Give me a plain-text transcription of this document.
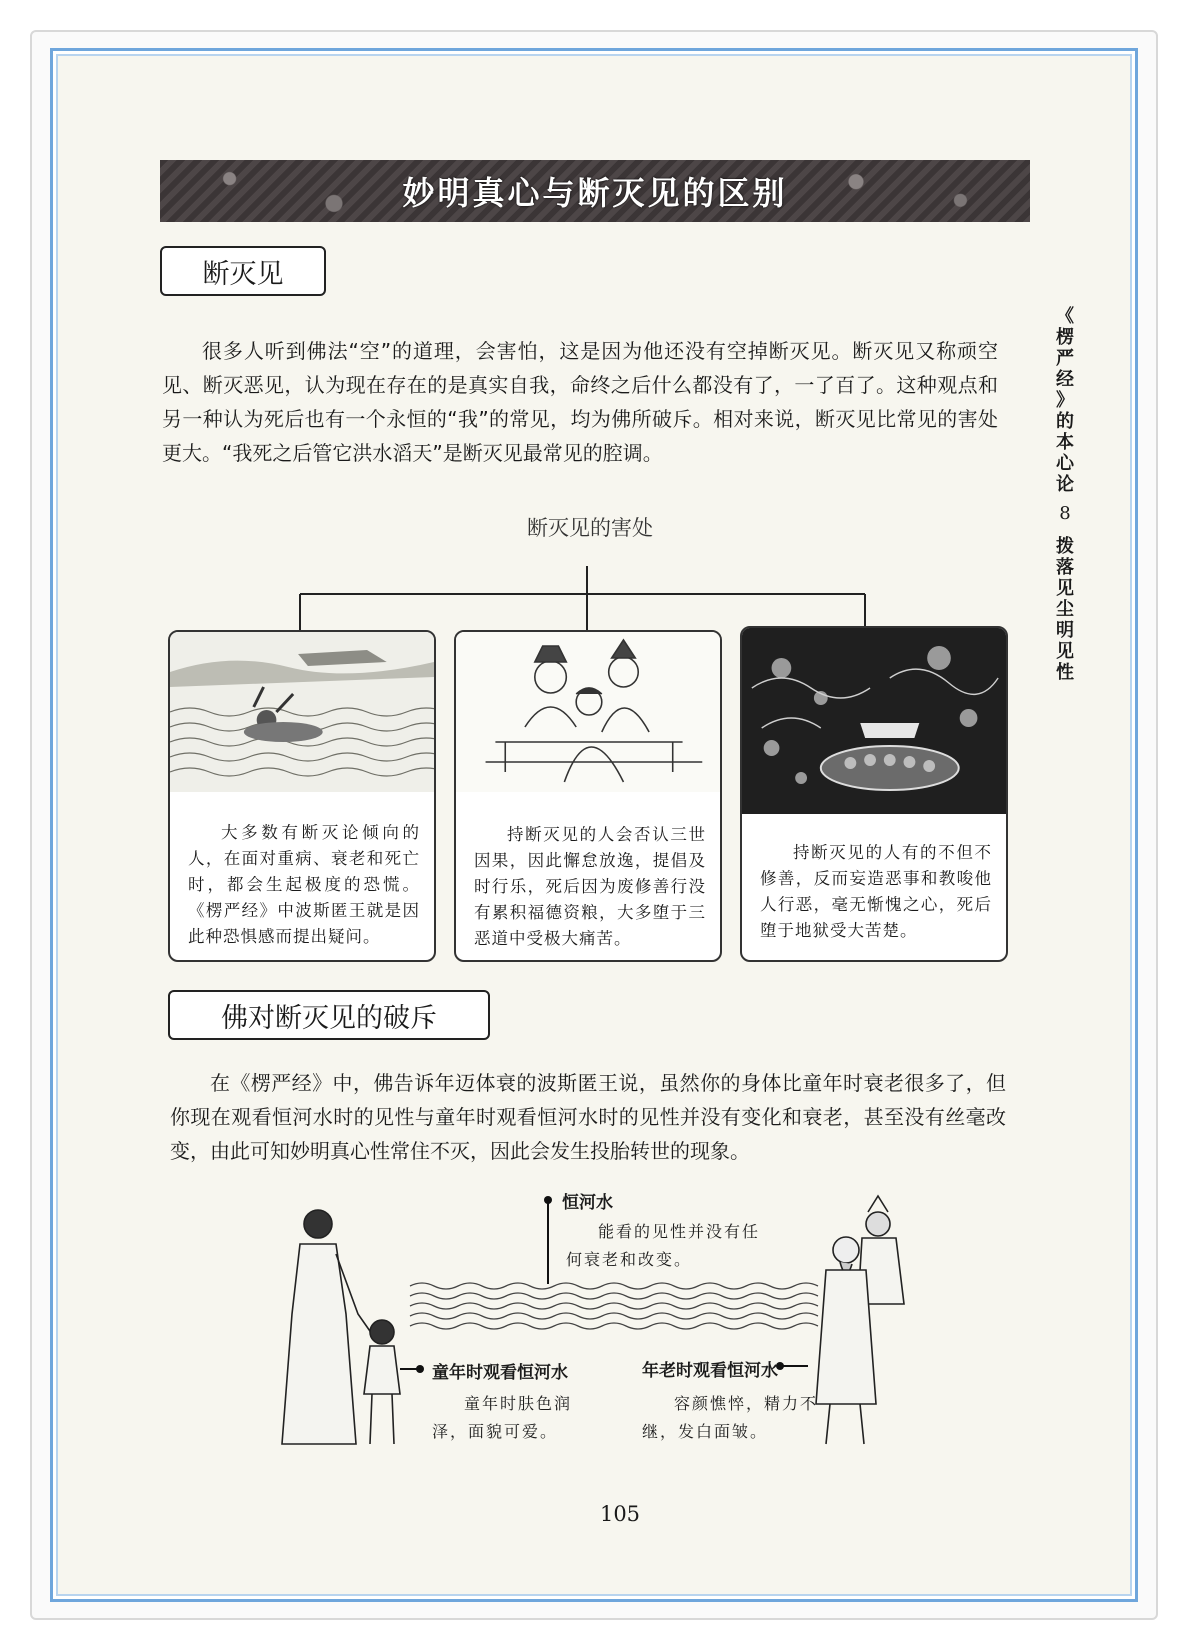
妙明真心与断灭见的区别
断灭见

很多人听到佛法“空”的道理，会害怕，这是因为他还没有空掉断灭见。断灭见又称顽空见、断灭恶见，认为现在存在的是真实自我，命终之后什么都没有了，一了百了。这种观点和另一种认为死后也有一个永恒的“我”的常见，均为佛所破斥。相对来说，断灭见比常见的害处更大。“我死之后管它洪水滔天”是断灭见最常见的腔调。

《
楞
严
经
》
的
本
心
论
8
拨
落
见
尘
明
见
性
断灭见的害处
大多数有断灭论倾向的人，在面对重病、衰老和死亡时，都会生起极度的恐慌。《楞严经》中波斯匿王就是因此种恐惧感而提出疑问。
持断灭见的人会否认三世因果，因此懈怠放逸，提倡及时行乐，死后因为废修善行没有累积福德资粮，大多堕于三恶道中受极大痛苦。
持断灭见的人有的不但不修善，反而妄造恶事和教唆他人行恶，毫无惭愧之心，死后堕于地狱受大苦楚。
佛对断灭见的破斥

在《楞严经》中，佛告诉年迈体衰的波斯匿王说，虽然你的身体比童年时衰老很多了，但你现在观看恒河水时的见性与童年时观看恒河水时的见性并没有变化和衰老，甚至没有丝毫改变，由此可知妙明真心性常住不灭，因此会发生投胎转世的现象。

恒河水
能看的见性并没有任何衰老和改变。
童年时观看恒河水
童年时肤色润泽，面貌可爱。
年老时观看恒河水
容颜憔悴，精力不继，发白面皱。
105
